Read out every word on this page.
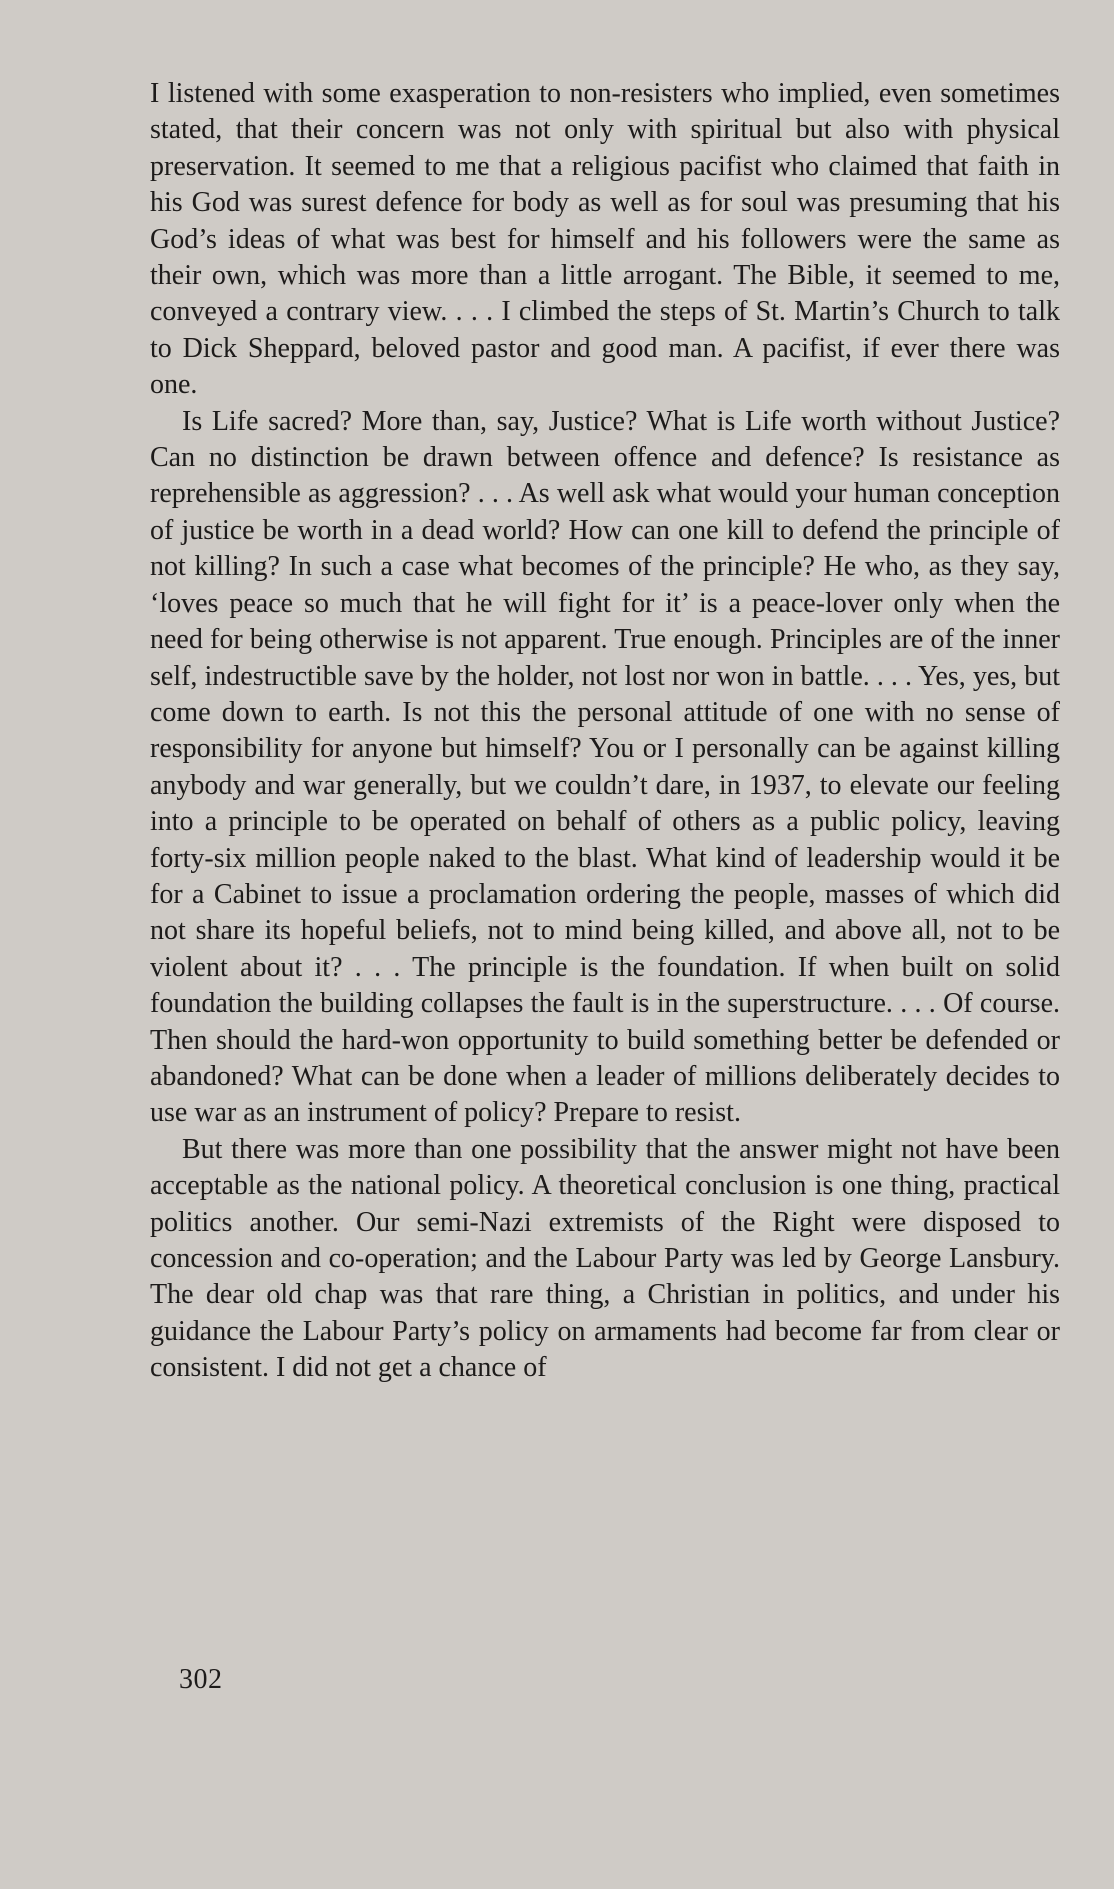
I listened with some exasperation to non-resisters who implied, even sometimes stated, that their concern was not only with spiritual but also with physical preservation. It seemed to me that a religious pacifist who claimed that faith in his God was surest defence for body as well as for soul was presuming that his God’s ideas of what was best for himself and his followers were the same as their own, which was more than a little arrogant. The Bible, it seemed to me, conveyed a contrary view. . . . I climbed the steps of St. Martin’s Church to talk to Dick Sheppard, beloved pastor and good man. A pacifist, if ever there was one.

Is Life sacred? More than, say, Justice? What is Life worth without Justice? Can no distinction be drawn between offence and defence? Is resistance as reprehensible as aggression? . . . As well ask what would your human conception of justice be worth in a dead world? How can one kill to defend the principle of not killing? In such a case what becomes of the principle? He who, as they say, ‘loves peace so much that he will fight for it’ is a peace-lover only when the need for being otherwise is not apparent. True enough. Principles are of the inner self, indestructible save by the holder, not lost nor won in battle. . . . Yes, yes, but come down to earth. Is not this the personal attitude of one with no sense of responsibility for anyone but himself? You or I personally can be against killing anybody and war generally, but we couldn’t dare, in 1937, to elevate our feeling into a principle to be operated on behalf of others as a public policy, leaving forty-six million people naked to the blast. What kind of leadership would it be for a Cabinet to issue a proclamation ordering the people, masses of which did not share its hopeful beliefs, not to mind being killed, and above all, not to be violent about it? . . . The principle is the foundation. If when built on solid foundation the building collapses the fault is in the superstructure. . . . Of course. Then should the hard-won opportunity to build something better be defended or abandoned? What can be done when a leader of millions deliberately decides to use war as an instrument of policy? Prepare to resist.

But there was more than one possibility that the answer might not have been acceptable as the national policy. A theoretical conclusion is one thing, practical politics another. Our semi-Nazi extremists of the Right were disposed to concession and co-operation; and the Labour Party was led by George Lansbury. The dear old chap was that rare thing, a Christian in politics, and under his guidance the Labour Party’s policy on armaments had become far from clear or consistent. I did not get a chance of

302
